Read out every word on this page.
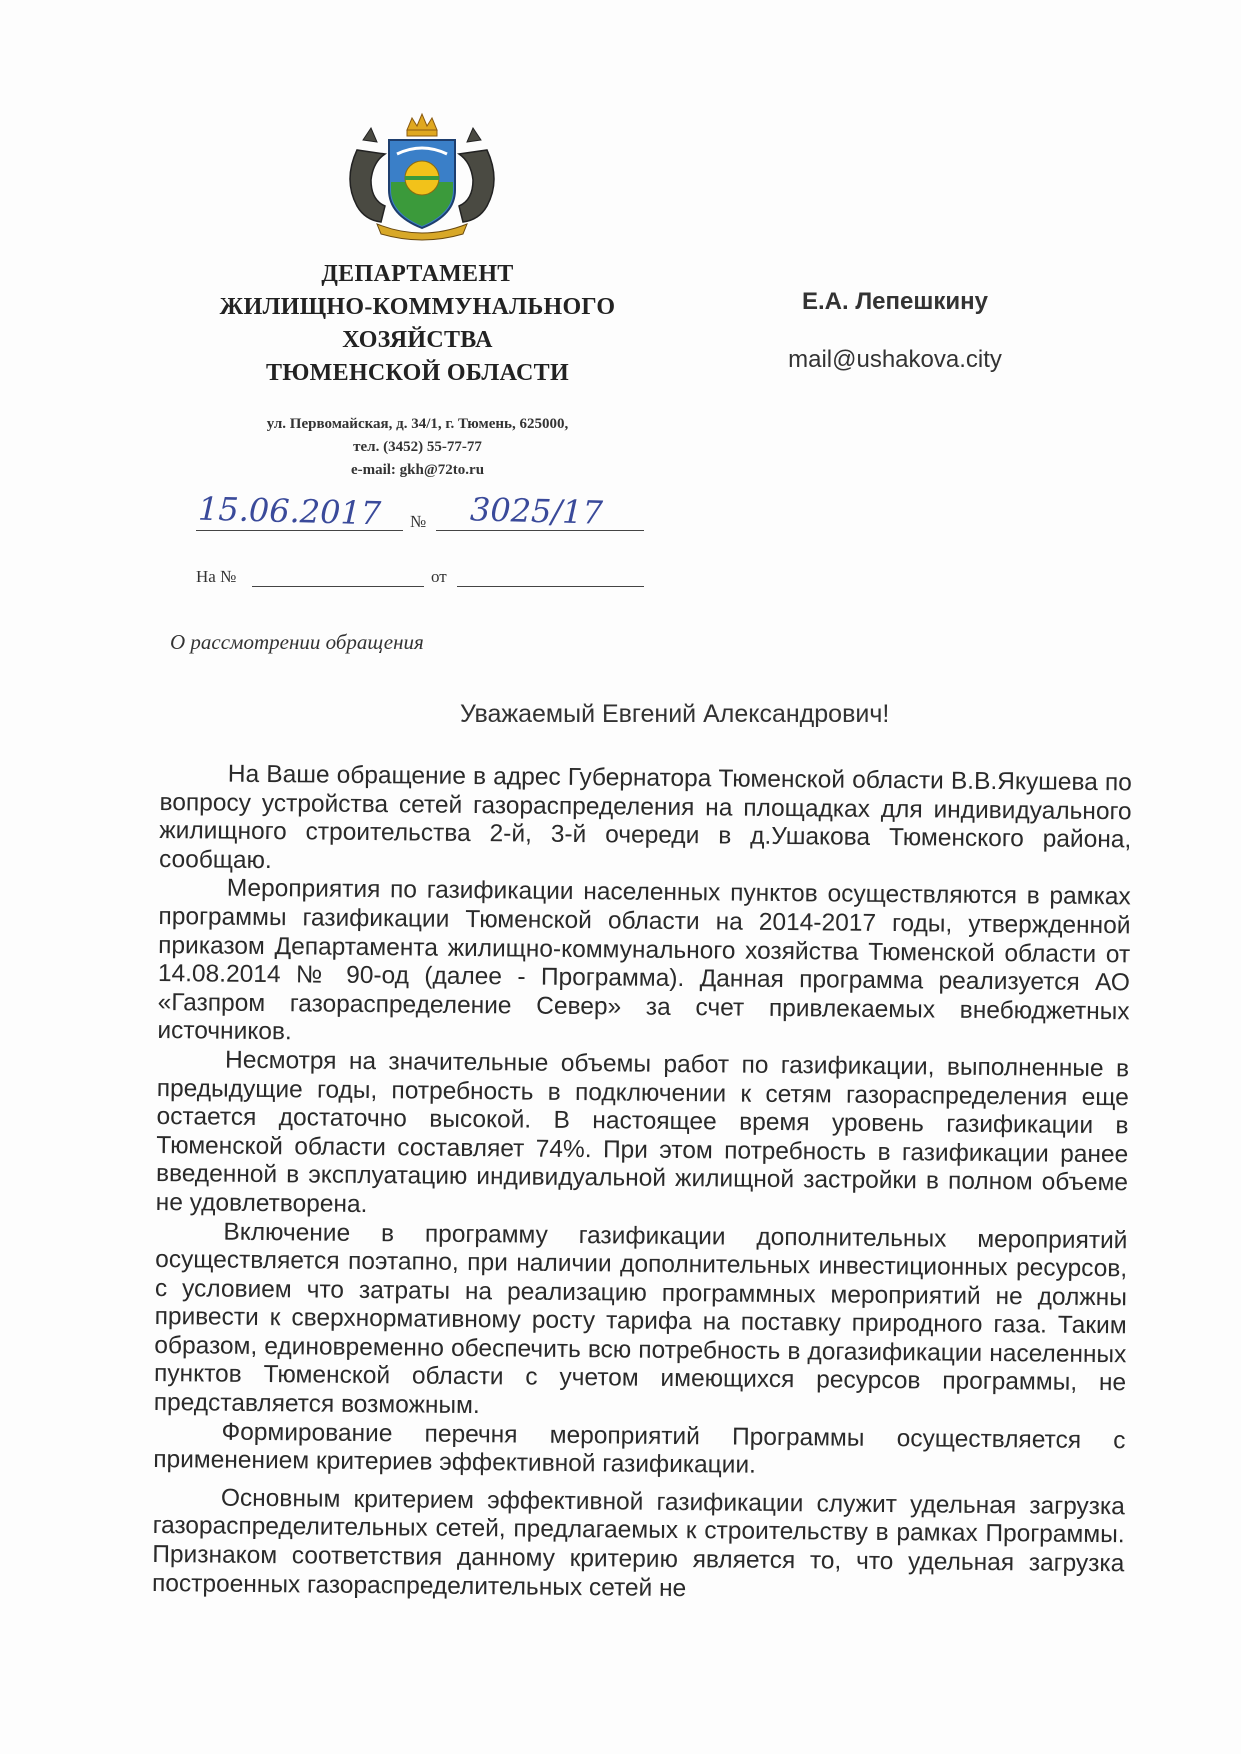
ДЕПАРТАМЕНТ
ЖИЛИЩНО-КОММУНАЛЬНОГО
ХОЗЯЙСТВА
ТЮМЕНСКОЙ ОБЛАСТИ
ул. Первомайская, д. 34/1, г. Тюмень, 625000,
тел. (3452) 55-77-77
e-mail: gkh@72to.ru
Е.А. Лепешкину
mail@ushakova.city
15.06.2017 № 3025/17
На №	от
О рассмотрении обращения
Уважаемый Евгений Александрович!

На Ваше обращение в адрес Губернатора Тюменской области В.В.Якушева по вопросу устройства сетей газораспределения на площадках для индивидуального жилищного строительства 2-й, 3-й очереди в д.Ушакова Тюменского района, сообщаю.

Мероприятия по газификации населенных пунктов осуществляются в рамках программы газификации Тюменской области на 2014-2017 годы, утвержденной приказом Департамента жилищно-коммунального хозяйства Тюменской области от 14.08.2014 № 90-од (далее - Программа). Данная программа реализуется АО «Газпром газораспределение Север» за счет привлекаемых внебюджетных источников.

Несмотря на значительные объемы работ по газификации, выполненные в предыдущие годы, потребность в подключении к сетям газораспределения еще остается достаточно высокой. В настоящее время уровень газификации в Тюменской области составляет 74%. При этом потребность в газификации ранее введенной в эксплуатацию индивидуальной жилищной застройки в полном объеме не удовлетворена.

Включение в программу газификации дополнительных мероприятий осуществляется поэтапно, при наличии дополнительных инвестиционных ресурсов, с условием что затраты на реализацию программных мероприятий не должны привести к сверхнормативному росту тарифа на поставку природного газа. Таким образом, единовременно обеспечить всю потребность в догазификации населенных пунктов Тюменской области с учетом имеющихся ресурсов программы, не представляется возможным.

Формирование перечня мероприятий Программы осуществляется с применением критериев эффективной газификации.

Основным критерием эффективной газификации служит удельная загрузка газораспределительных сетей, предлагаемых к строительству в рамках Программы. Признаком соответствия данному критерию является то, что удельная загрузка построенных газораспределительных сетей не
